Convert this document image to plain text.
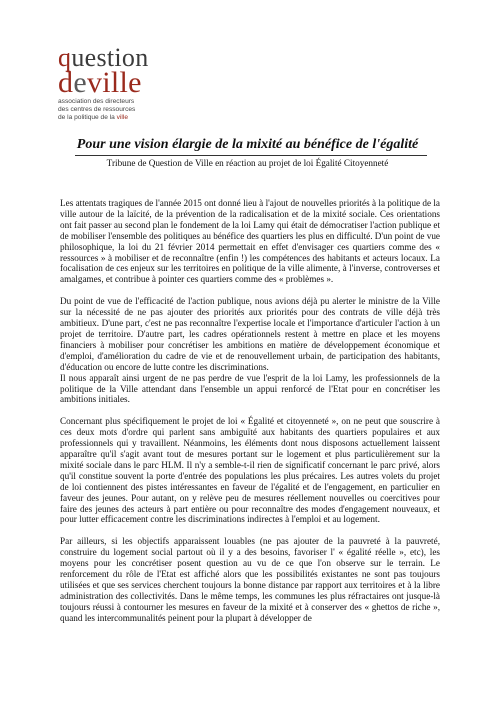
question
deville
association des directeurs
des centres de ressources
de la politique de la ville
Pour une vision élargie de la mixité au bénéfice de l'égalité

Tribune de Question de Ville en réaction au projet de loi Égalité Citoyenneté

Les attentats tragiques de l'année 2015 ont donné lieu à l'ajout de nouvelles priorités à la politique de la ville autour de la laïcité, de la prévention de la radicalisation et de la mixité sociale. Ces orientations ont fait passer au second plan le fondement de la loi Lamy qui était de démocratiser l'action publique et de mobiliser l'ensemble des politiques au bénéfice des quartiers les plus en difficulté. D'un point de vue philosophique, la loi du 21 février 2014 permettait en effet d'envisager ces quartiers comme des « ressources » à mobiliser et de reconnaître (enfin !) les compétences des habitants et acteurs locaux. La focalisation de ces enjeux sur les territoires en politique de la ville alimente, à l'inverse, controverses et amalgames, et contribue à pointer ces quartiers comme des « problèmes ».

Du point de vue de l'efficacité de l'action publique, nous avions déjà pu alerter le ministre de la Ville sur la nécessité de ne pas ajouter des priorités aux priorités pour des contrats de ville déjà très ambitieux. D'une part, c'est ne pas reconnaître l'expertise locale et l'importance d'articuler l'action à un projet de territoire. D'autre part, les cadres opérationnels restent à mettre en place et les moyens financiers à mobiliser pour concrétiser les ambitions en matière de développement économique et d'emploi, d'amélioration du cadre de vie et de renouvellement urbain, de participation des habitants, d'éducation ou encore de lutte contre les discriminations.

Il nous apparaît ainsi urgent de ne pas perdre de vue l'esprit de la loi Lamy, les professionnels de la politique de la Ville attendant dans l'ensemble un appui renforcé de l'Etat pour en concrétiser les ambitions initiales.

Concernant plus spécifiquement le projet de loi « Égalité et citoyenneté », on ne peut que souscrire à ces deux mots d'ordre qui parlent sans ambiguïté aux habitants des quartiers populaires et aux professionnels qui y travaillent. Néanmoins, les éléments dont nous disposons actuellement laissent apparaître qu'il s'agit avant tout de mesures portant sur le logement et plus particulièrement sur la mixité sociale dans le parc HLM. Il n'y a semble-t-il rien de significatif concernant le parc privé, alors qu'il constitue souvent la porte d'entrée des populations les plus précaires. Les autres volets du projet de loi contiennent des pistes intéressantes en faveur de l'égalité et de l'engagement, en particulier en faveur des jeunes. Pour autant, on y relève peu de mesures réellement nouvelles ou coercitives pour faire des jeunes des acteurs à part entière ou pour reconnaître des modes d'engagement nouveaux, et pour lutter efficacement contre les discriminations indirectes à l'emploi et au logement.

Par ailleurs, si les objectifs apparaissent louables (ne pas ajouter de la pauvreté à la pauvreté, construire du logement social partout où il y a des besoins, favoriser l' « égalité réelle », etc), les moyens pour les concrétiser posent question au vu de ce que l'on observe sur le terrain. Le renforcement du rôle de l'Etat est affiché alors que les possibilités existantes ne sont pas toujours utilisées et que ses services cherchent toujours la bonne distance par rapport aux territoires et à la libre administration des collectivités. Dans le même temps, les communes les plus réfractaires ont jusque-là toujours réussi à contourner les mesures en faveur de la mixité et à conserver des « ghettos de riche », quand les intercommunalités peinent pour la plupart à développer de
